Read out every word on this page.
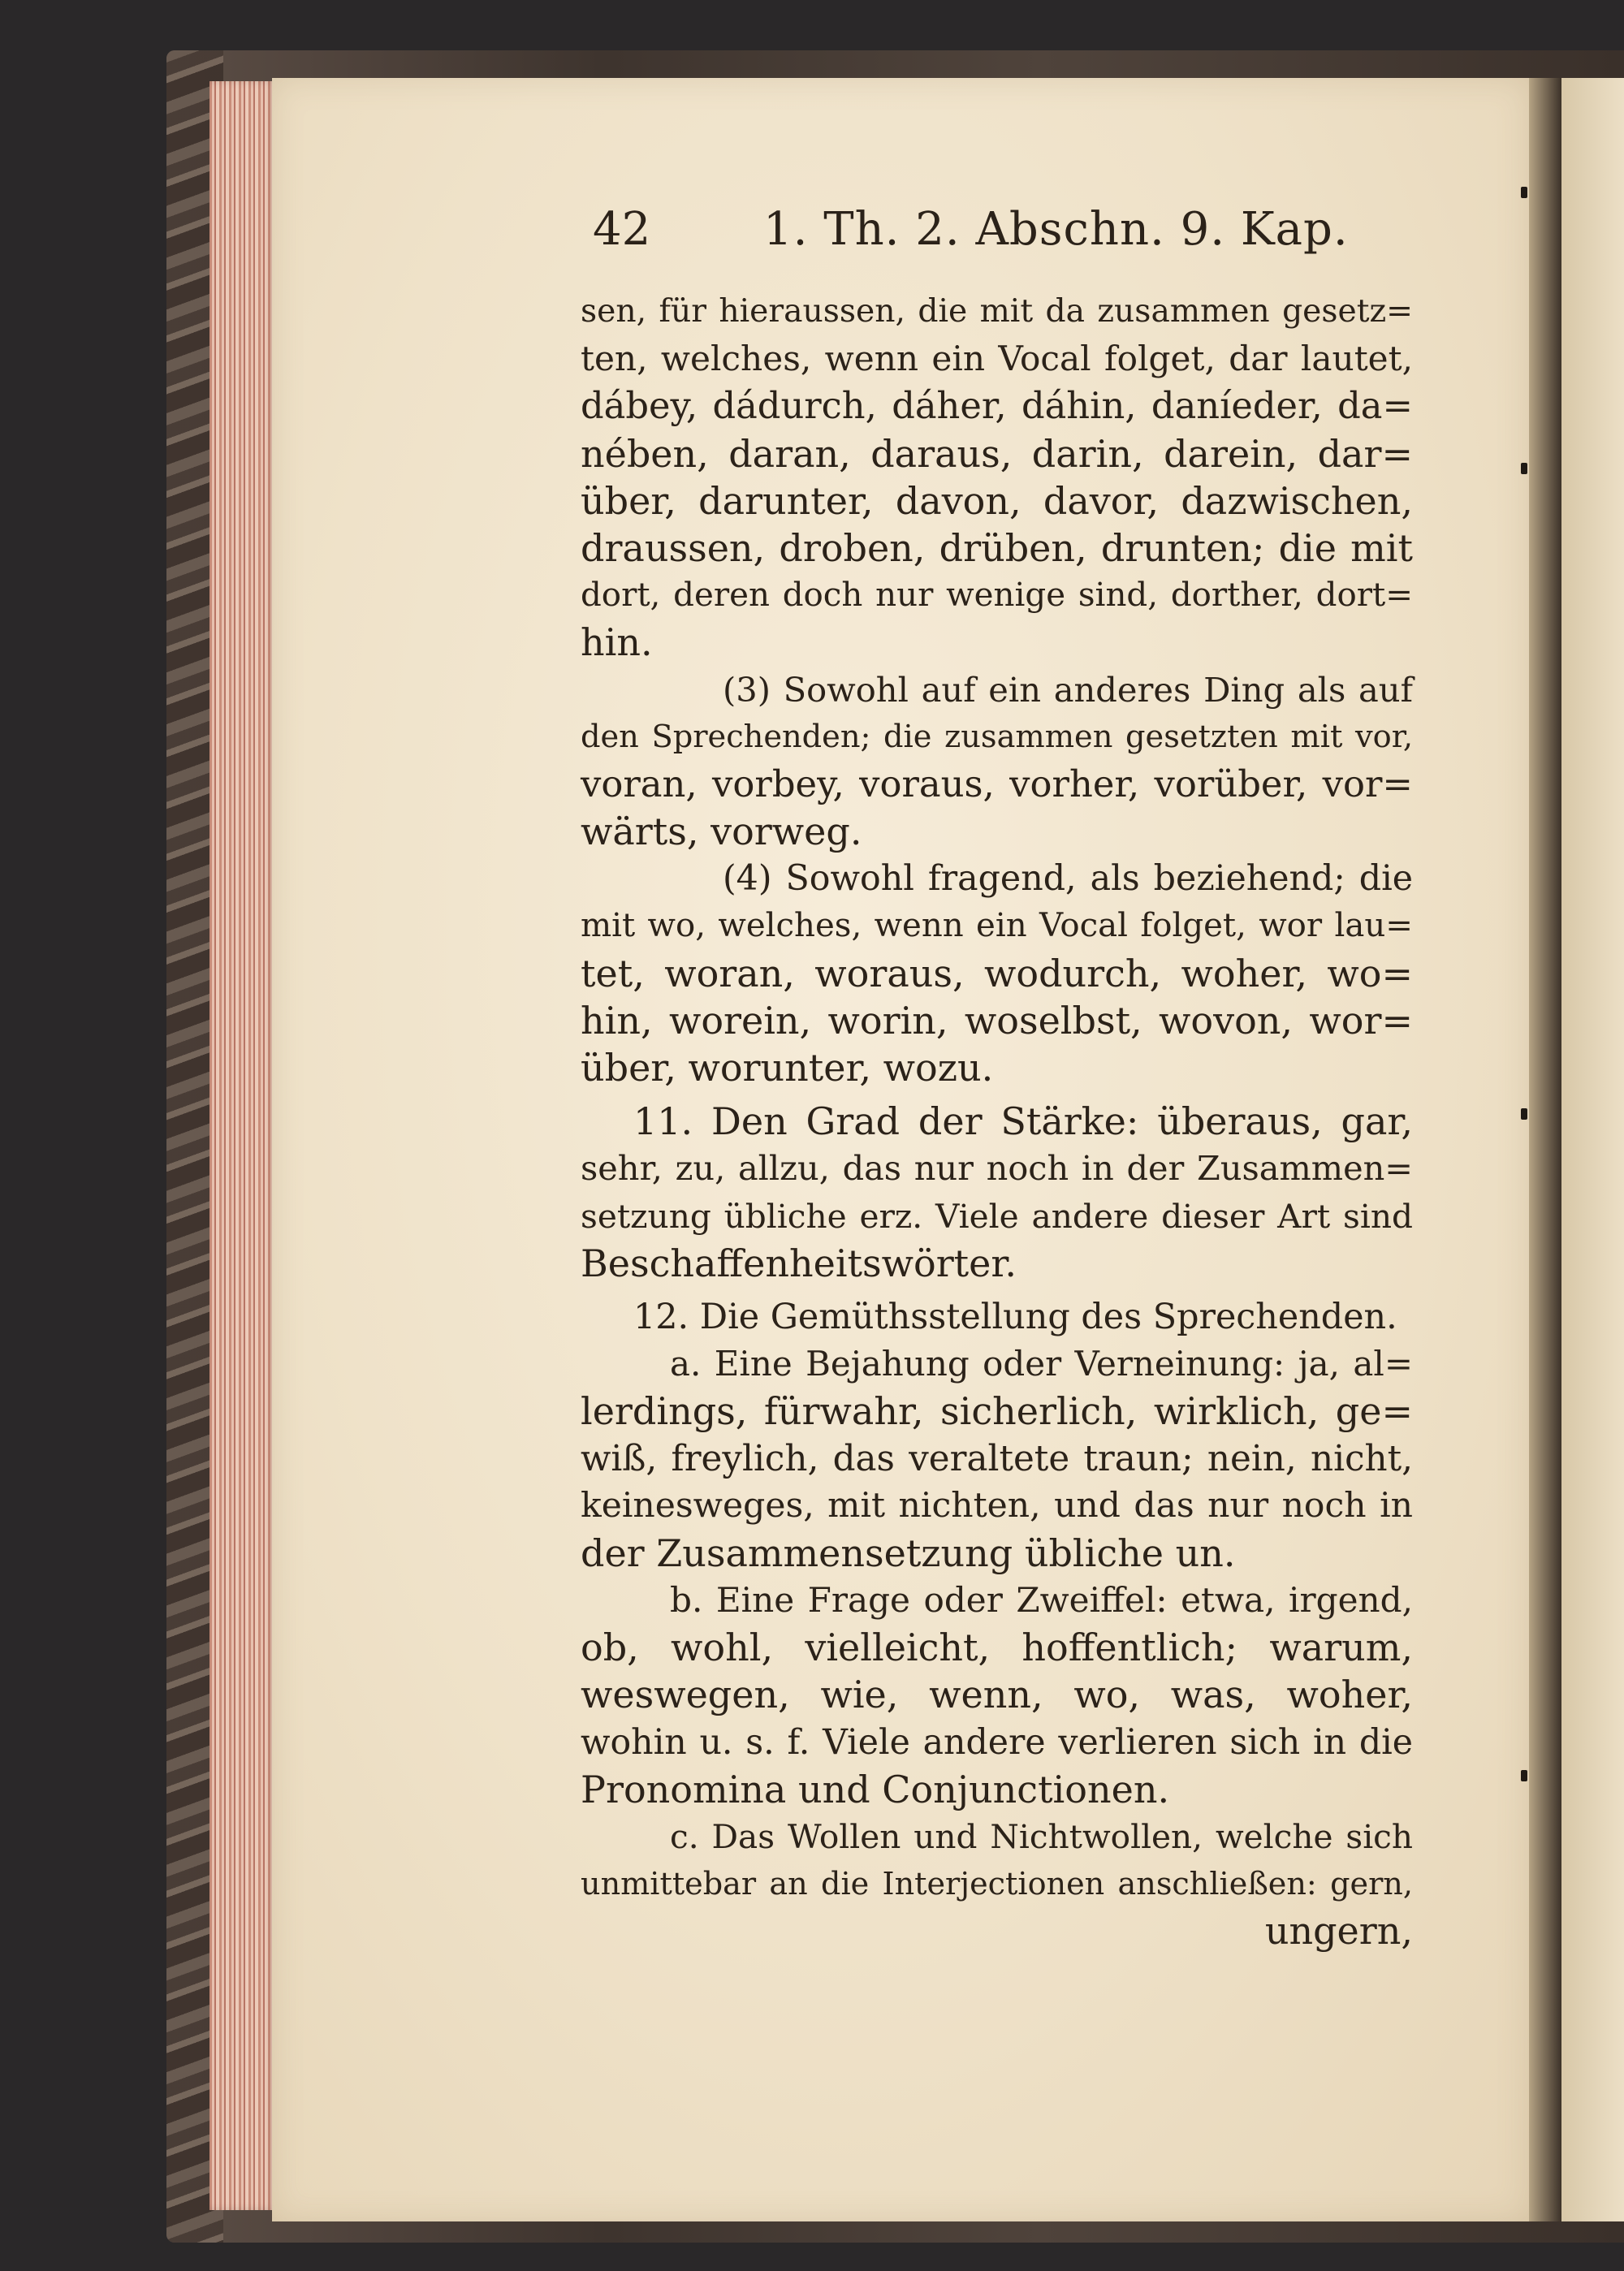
42 1. Th. 2. Abschn. 9. Kap.
sen, für hieraussen, die mit da zusammen gesetz=
ten, welches, wenn ein Vocal folget, dar lautet,
dábey, dádurch, dáher, dáhin, daníeder, da=
nében, daran, daraus, darin, darein, dar=
über, darunter, davon, davor, dazwischen,
draussen, droben, drüben, drunten; die mit
dort, deren doch nur wenige sind, dorther, dort=
hin.
(3) Sowohl auf ein anderes Ding als auf
den Sprechenden; die zusammen gesetzten mit vor,
voran, vorbey, voraus, vorher, vorüber, vor=
wärts, vorweg.
(4) Sowohl fragend, als beziehend; die
mit wo, welches, wenn ein Vocal folget, wor lau=
tet, woran, woraus, wodurch, woher, wo=
hin, worein, worin, woselbst, wovon, wor=
über, worunter, wozu.
11. Den Grad der Stärke: überaus, gar,
sehr, zu, allzu, das nur noch in der Zusammen=
setzung übliche erz. Viele andere dieser Art sind
Beschaffenheitswörter.
12. Die Gemüthsstellung des Sprechenden.
a. Eine Bejahung oder Verneinung: ja, al=
lerdings, fürwahr, sicherlich, wirklich, ge=
wiß, freylich, das veraltete traun; nein, nicht,
keinesweges, mit nichten, und das nur noch in
der Zusammensetzung übliche un.
b. Eine Frage oder Zweiffel: etwa, irgend,
ob, wohl, vielleicht, hoffentlich; warum,
weswegen, wie, wenn, wo, was, woher,
wohin u. s. f. Viele andere verlieren sich in die
Pronomina und Conjunctionen.
c. Das Wollen und Nichtwollen, welche sich
unmittebar an die Interjectionen anschließen: gern,
ungern,
